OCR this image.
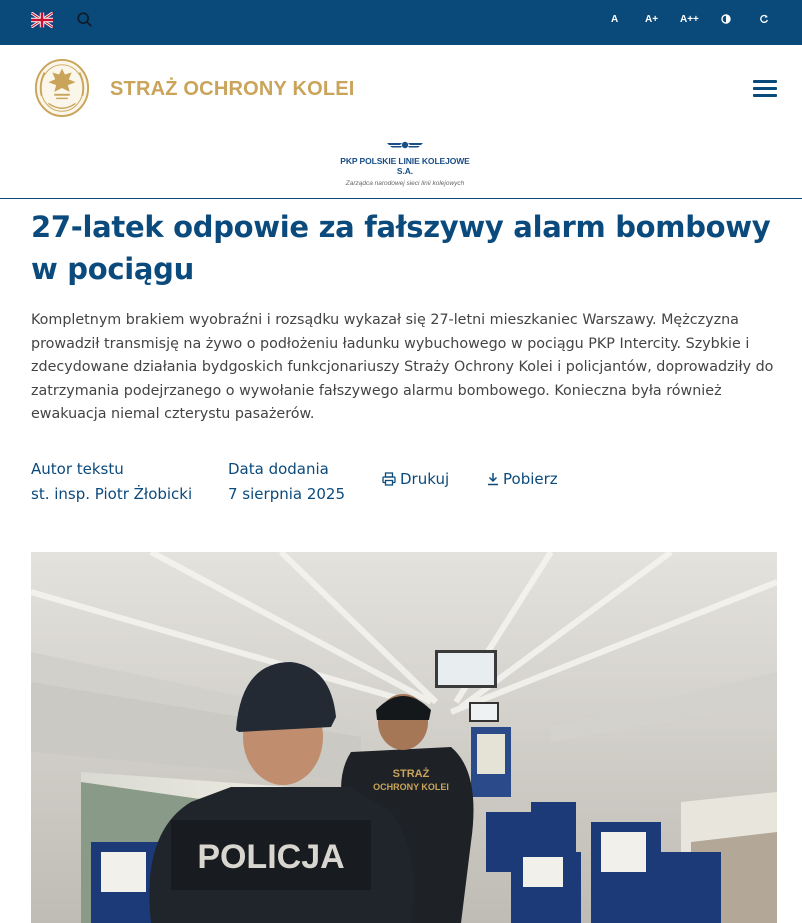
A	A+ A++
STRAŻ OCHRONY KOLEI
PKP POLSKIE LINIE KOLEJOWE S.A.
Zarządca narodowej sieci linii kolejowych
27-latek odpowie za fałszywy alarm bombowy w pociągu

Kompletnym brakiem wyobraźni i rozsądku wykazał się 27-letni mieszkaniec Warszawy. Mężczyzna prowadził transmisję na żywo o podłożeniu ładunku wybuchowego w pociągu PKP Intercity. Szybkie i zdecydowane działania bydgoskich funkcjonariuszy Straży Ochrony Kolei i policjantów, doprowadziły do zatrzymania podejrzanego o wywołanie fałszywego alarmu bombowego. Konieczna była również ewakuacja niemal czterystu pasażerów.

Autor tekstu
st. insp. Piotr Żłobicki
Data dodania
7 sierpnia 2025
Drukuj	Pobierz
STRAŻ
OCHRONY KOLEI
POLICJA
